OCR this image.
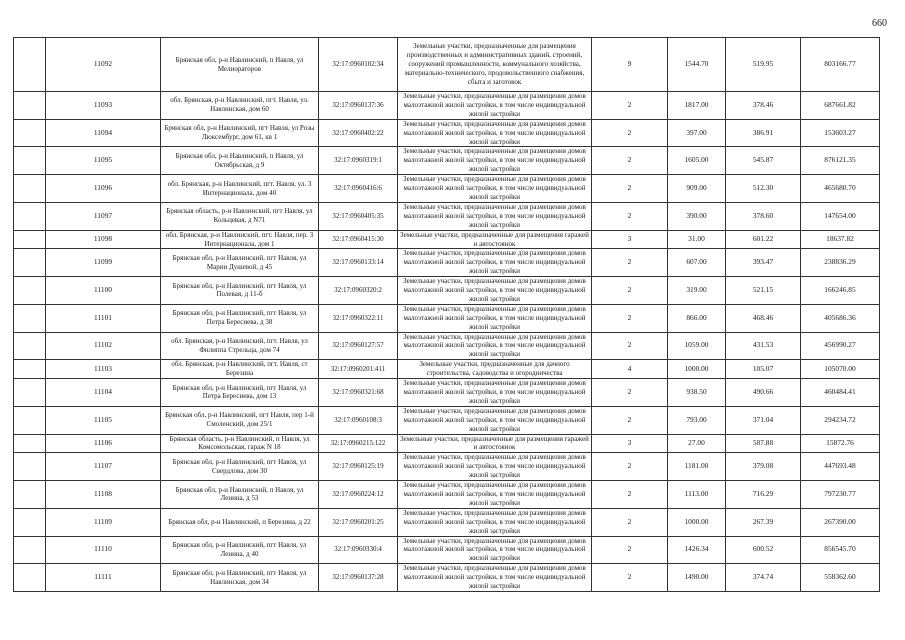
660
	11092	Брянская обл, р-н Навлинский, п Навля, ул Мелиораторов	32:17:0960102:34	Земельные участки, предназначенные для размещения производственных и административных зданий, строений, сооружений промышленности, коммунального хозяйства, материально-технического, продовольственного снабжения, сбыта и заготовок	9	1544.70	519.95	803166.77
	11093	обл. Брянская, р-н Навлинский, пгт. Навля, ул. Навлинская, дом 60	32:17:0960137:36	Земельные участки, предназначенные для размещения домов малоэтажной жилой застройки, в том числе индивидуальной жилой застройки	2	1817.00	378.46	687661.82
	11094	Брянская обл, р-н Навлинский, пгт Навля, ул Розы Люксембург, дом 61, кв 1	32:17:0960402:22	Земельные участки, предназначенные для размещения домов малоэтажной жилой застройки, в том числе индивидуальной жилой застройки	2	397.00	386.91	153603.27
	11095	Брянская обл, р-н Навлинский, п Навля, ул Октябрьская, д 9	32:17:0960319:1	Земельные участки, предназначенные для размещения домов малоэтажной жилой застройки, в том числе индивидуальной жилой застройки	2	1605.00	545.87	876121.35
	11096	обл. Брянская, р-н Навлинский, пгт. Навля, ул. 3 Интернационала, дом 40	32:17:0960416:6	Земельные участки, предназначенные для размещения домов малоэтажной жилой застройки, в том числе индивидуальной жилой застройки	2	909.00	512.30	465680.70
	11097	Брянская область, р-н Навлинский, пгт Навля, ул Кольцевая, д N71	32:17:0960405:35	Земельные участки, предназначенные для размещения домов малоэтажной жилой застройки, в том числе индивидуальной жилой застройки	2	390.00	378.60	147654.00
	11098	обл. Брянская, р-н Навлинский, пгт. Навля, пер. 3 Интернационала, дом 1	32:17:0960415:30	Земельные участки, предназначенные для размещения гаражей и автостоянок	3	31.00	601.22	18637.82
	11099	Брянская обл, р-н Навлинский, пгт Навля, ул Марии Душевой, д 45	32:17:0960133:14	Земельные участки, предназначенные для размещения домов малоэтажной жилой застройки, в том числе индивидуальной жилой застройки	2	607.00	393.47	238836.29
	11100	Брянская обл, р-н Навлинский, пгт Навля, ул Полевая, д 11-б	32:17:0960320:2	Земельные участки, предназначенные для размещения домов малоэтажной жилой застройки, в том числе индивидуальной жилой застройки	2	319.00	521.15	166246.85
	11101	Брянская обл, р-н Навлинский, пгт Навля, ул Петра Бересиева, д 38	32:17:0960322:11	Земельные участки, предназначенные для размещения домов малоэтажной жилой застройки, в том числе индивидуальной жилой застройки	2	866.00	468.46	405686.36
	11102	обл. Брянская, р-н Навлинский, пгт. Навля, ул Филиппа Стрельца, дом 74	32:17:0960127:57	Земельные участки, предназначенные для размещения домов малоэтажной жилой застройки, в том числе индивидуальной жилой застройки	2	1059.00	431.53	456990.27
	11103	обл. Брянская, р-н Навлинский, пгт. Навля, ст Березина	32:17:0960201:411	Земельные участки, предназначенные для дачного строительства, садоводства и огородничества	4	1000.00	105.07	105070.00
	11104	Брянская обл, р-н Навлинский, пгт Навля, ул Петра Бересиева, дом 13	32:17:0960321:68	Земельные участки, предназначенные для размещения домов малоэтажной жилой застройки, в том числе индивидуальной жилой застройки	2	938.50	490.66	460484.41
	11105	Брянская обл, р-н Навлинский, пгт Навля, пер 1-й Смоленский, дом 25/1	32:17:0960108:3	Земельные участки, предназначенные для размещения домов малоэтажной жилой застройки, в том числе индивидуальной жилой застройки	2	793.00	371.04	294234.72
	11106	Брянская область, р-н Навлинский, п Навля, ул Комсомольская, гараж N 18	32:17:0960215:122	Земельные участки, предназначенные для размещения гаражей и автостоянок	3	27.00	587.88	15872.76
	11107	Брянская обл, р-н Навлинский, пгт Навля, ул Свердлова, дом 30	32:17:0960125:19	Земельные участки, предназначенные для размещения домов малоэтажной жилой застройки, в том числе индивидуальной жилой застройки	2	1181.00	379.08	447693.48
	11108	Брянская обл, р-н Навлинский, п Навля, ул Ленина, д 53	32:17:0960224:12	Земельные участки, предназначенные для размещения домов малоэтажной жилой застройки, в том числе индивидуальной жилой застройки	2	1113.00	716.29	797230.77
	11109	Брянская обл, р-н Навлинский, п Березина, д 22	32:17:0960201:25	Земельные участки, предназначенные для размещения домов малоэтажной жилой застройки, в том числе индивидуальной жилой застройки	2	1000.00	267.39	267390.00
	11110	Брянская обл, р-н Навлинский, пгт Навля, ул Ленина, д 40	32:17:0960330:4	Земельные участки, предназначенные для размещения домов малоэтажной жилой застройки, в том числе индивидуальной жилой застройки	2	1426.34	600.52	856545.70
	11111	Брянская обл, р-н Навлинский, пгт Навля, ул Навлинская, дом 34	32:17:0960137:28	Земельные участки, предназначенные для размещения домов малоэтажной жилой застройки, в том числе индивидуальной жилой застройки	2	1490.00	374.74	558362.60
